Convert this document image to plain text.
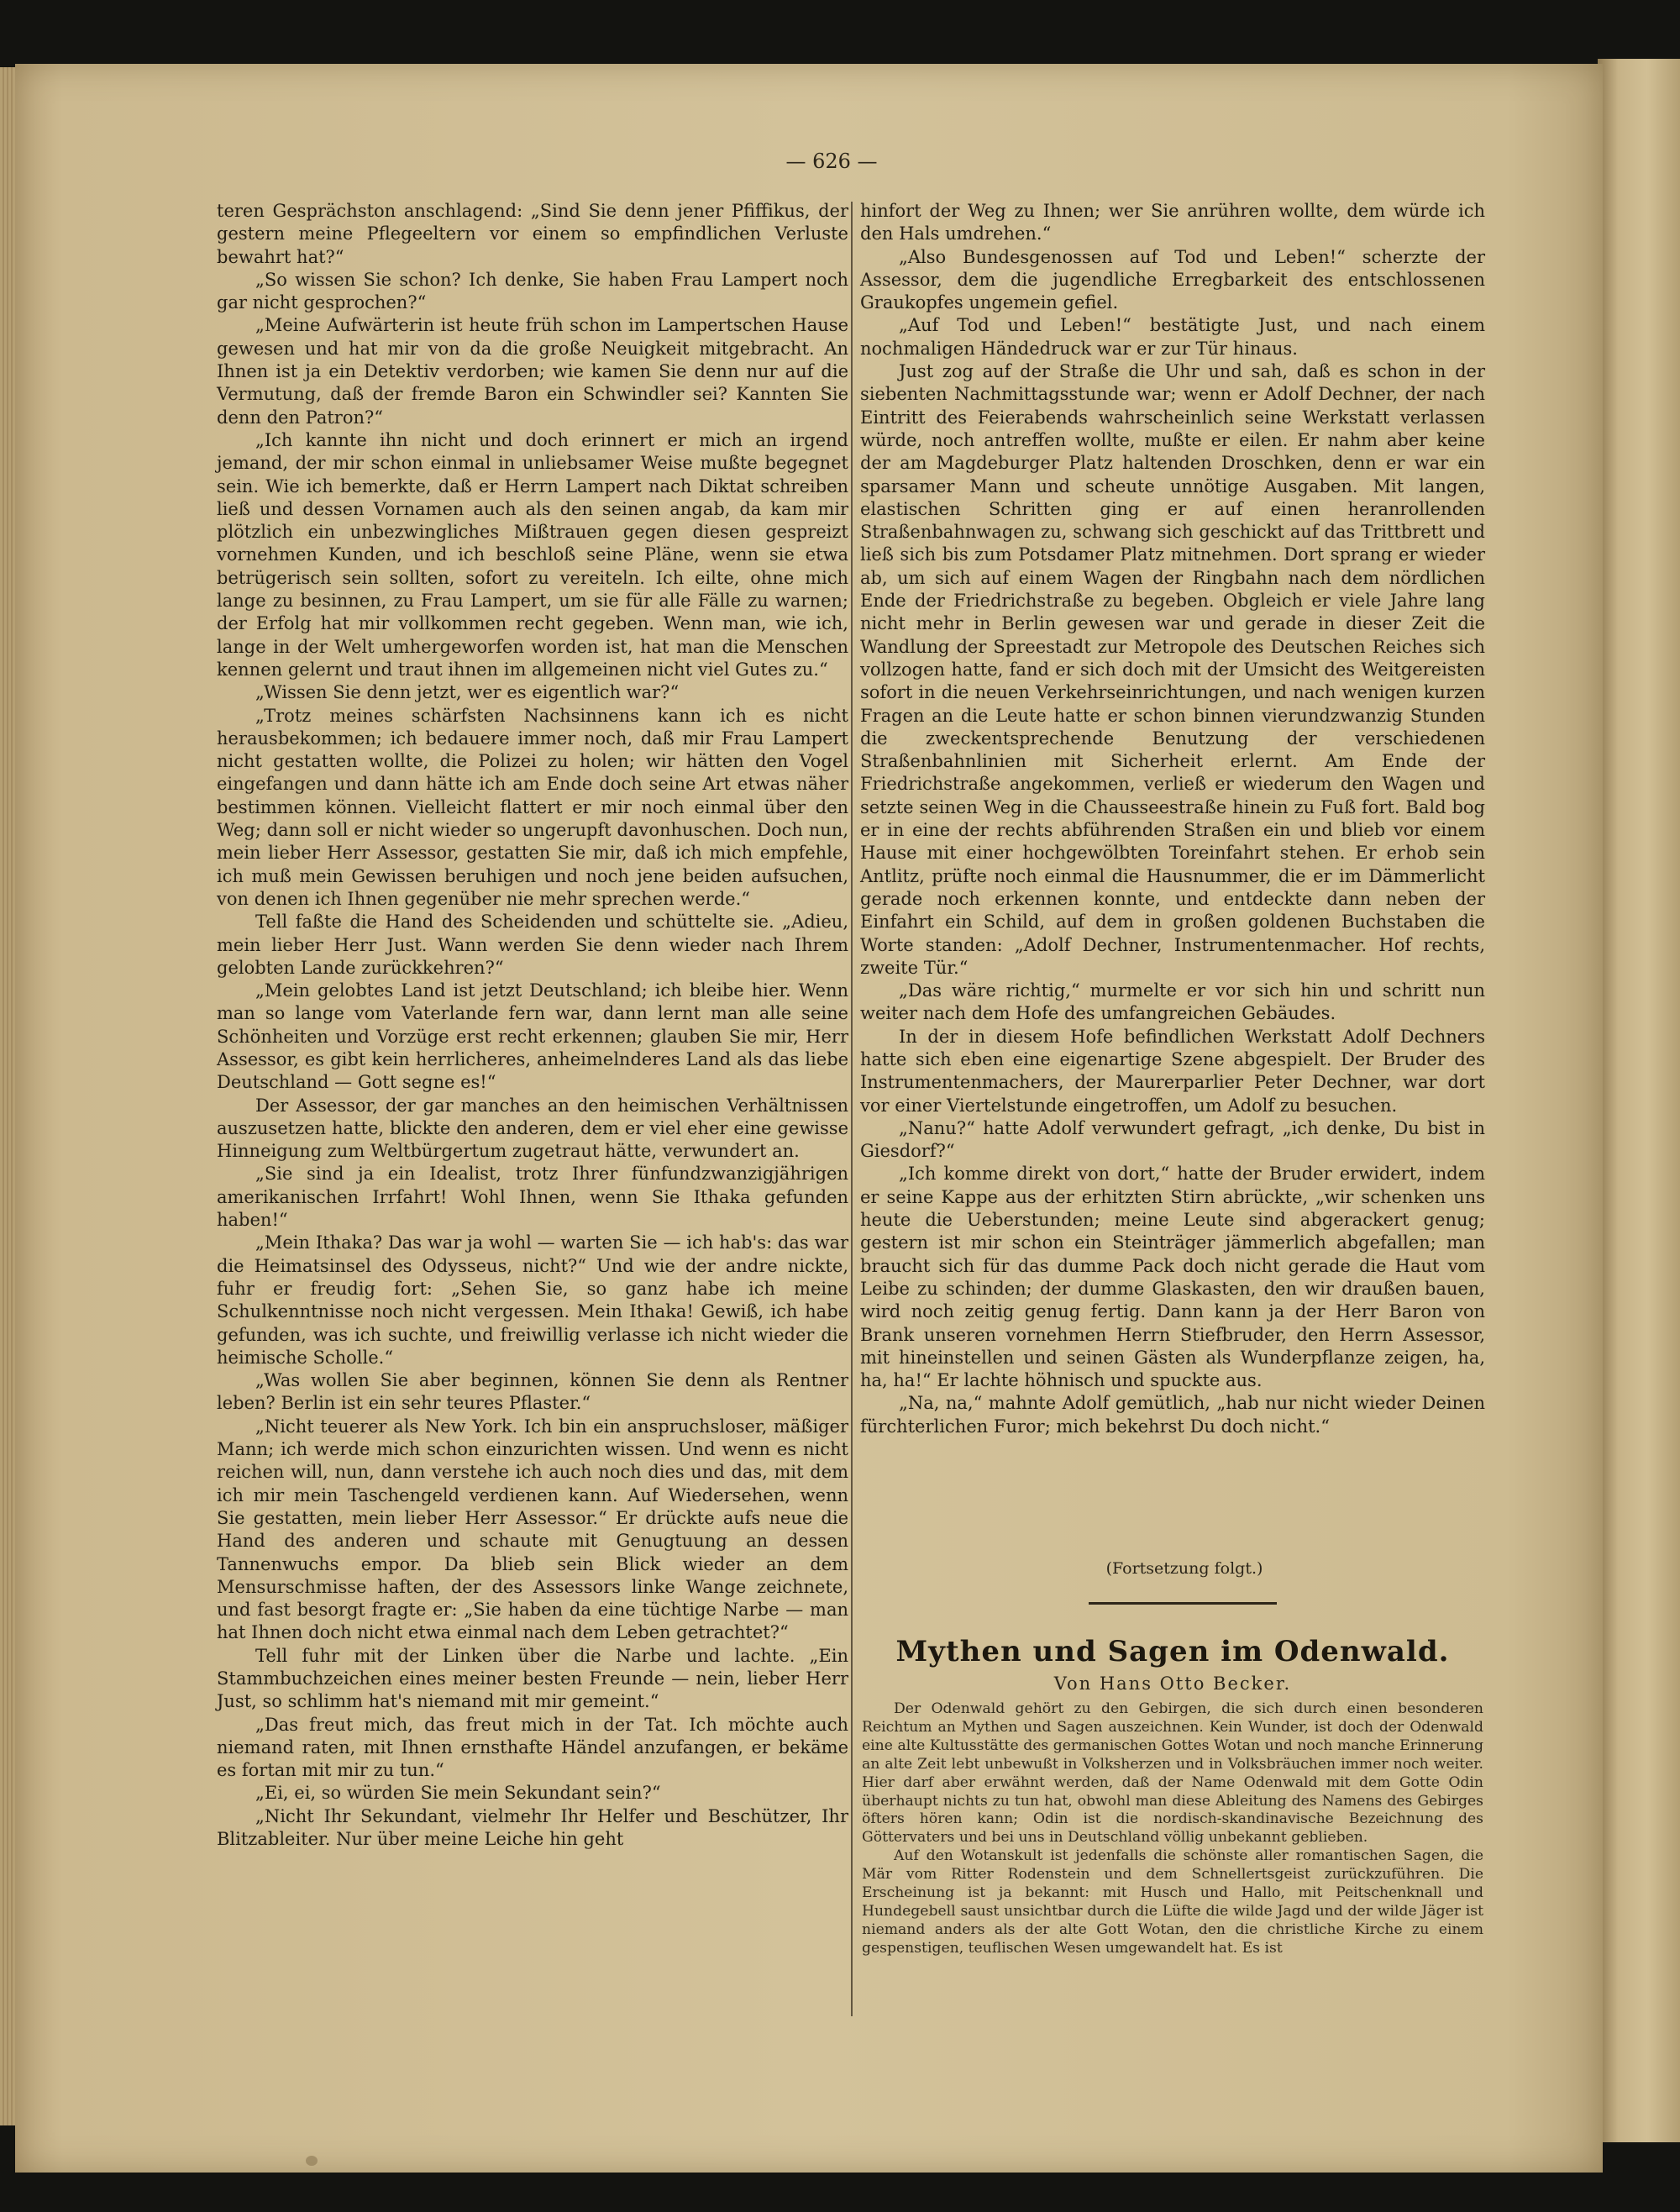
— 626 —

teren Gesprächston anschlagend: „Sind Sie denn jener Pfiffikus, der gestern meine Pflegeeltern vor einem so empfindlichen Verluste bewahrt hat?“

„So wissen Sie schon? Ich denke, Sie haben Frau Lampert noch gar nicht gesprochen?“

„Meine Aufwärterin ist heute früh schon im Lampertschen Hause gewesen und hat mir von da die große Neuigkeit mitgebracht. An Ihnen ist ja ein Detektiv verdorben; wie kamen Sie denn nur auf die Vermutung, daß der fremde Baron ein Schwindler sei? Kannten Sie denn den Patron?“

„Ich kannte ihn nicht und doch erinnert er mich an irgend jemand, der mir schon einmal in unliebsamer Weise mußte begegnet sein. Wie ich bemerkte, daß er Herrn Lampert nach Diktat schreiben ließ und dessen Vornamen auch als den seinen angab, da kam mir plötzlich ein unbezwingliches Mißtrauen gegen diesen gespreizt vornehmen Kunden, und ich beschloß seine Pläne, wenn sie etwa betrügerisch sein sollten, sofort zu vereiteln. Ich eilte, ohne mich lange zu besinnen, zu Frau Lampert, um sie für alle Fälle zu warnen; der Erfolg hat mir vollkommen recht gegeben. Wenn man, wie ich, lange in der Welt umhergeworfen worden ist, hat man die Menschen kennen gelernt und traut ihnen im allgemeinen nicht viel Gutes zu.“

„Wissen Sie denn jetzt, wer es eigentlich war?“

„Trotz meines schärfsten Nachsinnens kann ich es nicht herausbekommen; ich bedauere immer noch, daß mir Frau Lampert nicht gestatten wollte, die Polizei zu holen; wir hätten den Vogel eingefangen und dann hätte ich am Ende doch seine Art etwas näher bestimmen können. Vielleicht flattert er mir noch einmal über den Weg; dann soll er nicht wieder so ungerupft davonhuschen. Doch nun, mein lieber Herr Assessor, gestatten Sie mir, daß ich mich empfehle, ich muß mein Gewissen beruhigen und noch jene beiden aufsuchen, von denen ich Ihnen gegenüber nie mehr sprechen werde.“

Tell faßte die Hand des Scheidenden und schüttelte sie. „Adieu, mein lieber Herr Just. Wann werden Sie denn wieder nach Ihrem gelobten Lande zurückkehren?“

„Mein gelobtes Land ist jetzt Deutschland; ich bleibe hier. Wenn man so lange vom Vaterlande fern war, dann lernt man alle seine Schönheiten und Vorzüge erst recht erkennen; glauben Sie mir, Herr Assessor, es gibt kein herrlicheres, anheimelnderes Land als das liebe Deutschland — Gott segne es!“

Der Assessor, der gar manches an den heimischen Verhältnissen auszusetzen hatte, blickte den anderen, dem er viel eher eine gewisse Hinneigung zum Weltbürgertum zugetraut hätte, verwundert an.

„Sie sind ja ein Idealist, trotz Ihrer fünfundzwanzigjährigen amerikanischen Irrfahrt! Wohl Ihnen, wenn Sie Ithaka gefunden haben!“

„Mein Ithaka? Das war ja wohl — warten Sie — ich hab's: das war die Heimatsinsel des Odysseus, nicht?“ Und wie der andre nickte, fuhr er freudig fort: „Sehen Sie, so ganz habe ich meine Schulkenntnisse noch nicht vergessen. Mein Ithaka! Gewiß, ich habe gefunden, was ich suchte, und freiwillig verlasse ich nicht wieder die heimische Scholle.“

„Was wollen Sie aber beginnen, können Sie denn als Rentner leben? Berlin ist ein sehr teures Pflaster.“

„Nicht teuerer als New York. Ich bin ein anspruchsloser, mäßiger Mann; ich werde mich schon einzurichten wissen. Und wenn es nicht reichen will, nun, dann verstehe ich auch noch dies und das, mit dem ich mir mein Taschengeld verdienen kann. Auf Wiedersehen, wenn Sie gestatten, mein lieber Herr Assessor.“ Er drückte aufs neue die Hand des anderen und schaute mit Genugtuung an dessen Tannenwuchs empor. Da blieb sein Blick wieder an dem Mensurschmisse haften, der des Assessors linke Wange zeichnete, und fast besorgt fragte er: „Sie haben da eine tüchtige Narbe — man hat Ihnen doch nicht etwa einmal nach dem Leben getrachtet?“

Tell fuhr mit der Linken über die Narbe und lachte. „Ein Stammbuchzeichen eines meiner besten Freunde — nein, lieber Herr Just, so schlimm hat's niemand mit mir gemeint.“

„Das freut mich, das freut mich in der Tat. Ich möchte auch niemand raten, mit Ihnen ernsthafte Händel anzufangen, er bekäme es fortan mit mir zu tun.“

„Ei, ei, so würden Sie mein Sekundant sein?“

„Nicht Ihr Sekundant, vielmehr Ihr Helfer und Beschützer, Ihr Blitzableiter. Nur über meine Leiche hin geht

hinfort der Weg zu Ihnen; wer Sie anrühren wollte, dem würde ich den Hals umdrehen.“

„Also Bundesgenossen auf Tod und Leben!“ scherzte der Assessor, dem die jugendliche Erregbarkeit des entschlossenen Graukopfes ungemein gefiel.

„Auf Tod und Leben!“ bestätigte Just, und nach einem nochmaligen Händedruck war er zur Tür hinaus.

Just zog auf der Straße die Uhr und sah, daß es schon in der siebenten Nachmittagsstunde war; wenn er Adolf Dechner, der nach Eintritt des Feierabends wahrscheinlich seine Werkstatt verlassen würde, noch antreffen wollte, mußte er eilen. Er nahm aber keine der am Magdeburger Platz haltenden Droschken, denn er war ein sparsamer Mann und scheute unnötige Ausgaben. Mit langen, elastischen Schritten ging er auf einen heranrollenden Straßenbahnwagen zu, schwang sich geschickt auf das Trittbrett und ließ sich bis zum Potsdamer Platz mitnehmen. Dort sprang er wieder ab, um sich auf einem Wagen der Ringbahn nach dem nördlichen Ende der Friedrichstraße zu begeben. Obgleich er viele Jahre lang nicht mehr in Berlin gewesen war und gerade in dieser Zeit die Wandlung der Spreestadt zur Metropole des Deutschen Reiches sich vollzogen hatte, fand er sich doch mit der Umsicht des Weitgereisten sofort in die neuen Verkehrseinrichtungen, und nach wenigen kurzen Fragen an die Leute hatte er schon binnen vierundzwanzig Stunden die zweckentsprechende Benutzung der verschiedenen Straßenbahnlinien mit Sicherheit erlernt. Am Ende der Friedrichstraße angekommen, verließ er wiederum den Wagen und setzte seinen Weg in die Chausseestraße hinein zu Fuß fort. Bald bog er in eine der rechts abführenden Straßen ein und blieb vor einem Hause mit einer hochgewölbten Toreinfahrt stehen. Er erhob sein Antlitz, prüfte noch einmal die Hausnummer, die er im Dämmerlicht gerade noch erkennen konnte, und entdeckte dann neben der Einfahrt ein Schild, auf dem in großen goldenen Buchstaben die Worte standen: „Adolf Dechner, Instrumentenmacher. Hof rechts, zweite Tür.“

„Das wäre richtig,“ murmelte er vor sich hin und schritt nun weiter nach dem Hofe des umfangreichen Gebäudes.

In der in diesem Hofe befindlichen Werkstatt Adolf Dechners hatte sich eben eine eigenartige Szene abgespielt. Der Bruder des Instrumentenmachers, der Maurerparlier Peter Dechner, war dort vor einer Viertelstunde eingetroffen, um Adolf zu besuchen.

„Nanu?“ hatte Adolf verwundert gefragt, „ich denke, Du bist in Giesdorf?“

„Ich komme direkt von dort,“ hatte der Bruder erwidert, indem er seine Kappe aus der erhitzten Stirn abrückte, „wir schenken uns heute die Ueberstunden; meine Leute sind abgerackert genug; gestern ist mir schon ein Steinträger jämmerlich abgefallen; man braucht sich für das dumme Pack doch nicht gerade die Haut vom Leibe zu schinden; der dumme Glaskasten, den wir draußen bauen, wird noch zeitig genug fertig. Dann kann ja der Herr Baron von Brank unseren vornehmen Herrn Stiefbruder, den Herrn Assessor, mit hineinstellen und seinen Gästen als Wunderpflanze zeigen, ha, ha, ha!“ Er lachte höhnisch und spuckte aus.

„Na, na,“ mahnte Adolf gemütlich, „hab nur nicht wieder Deinen fürchterlichen Furor; mich bekehrst Du doch nicht.“

(Fortsetzung folgt.)
Mythen und Sagen im Odenwald.
Von Hans Otto Becker.

Der Odenwald gehört zu den Gebirgen, die sich durch einen besonderen Reichtum an Mythen und Sagen auszeichnen. Kein Wunder, ist doch der Odenwald eine alte Kultusstätte des germanischen Gottes Wotan und noch manche Erinnerung an alte Zeit lebt unbewußt in Volksherzen und in Volksbräuchen immer noch weiter. Hier darf aber erwähnt werden, daß der Name Odenwald mit dem Gotte Odin überhaupt nichts zu tun hat, obwohl man diese Ableitung des Namens des Gebirges öfters hören kann; Odin ist die nordisch-skandinavische Bezeichnung des Göttervaters und bei uns in Deutschland völlig unbekannt geblieben.

Auf den Wotanskult ist jedenfalls die schönste aller romantischen Sagen, die Mär vom Ritter Rodenstein und dem Schnellertsgeist zurückzuführen. Die Erscheinung ist ja bekannt: mit Husch und Hallo, mit Peitschenknall und Hundegebell saust unsichtbar durch die Lüfte die wilde Jagd und der wilde Jäger ist niemand anders als der alte Gott Wotan, den die christliche Kirche zu einem gespenstigen, teuflischen Wesen umgewandelt hat. Es ist
